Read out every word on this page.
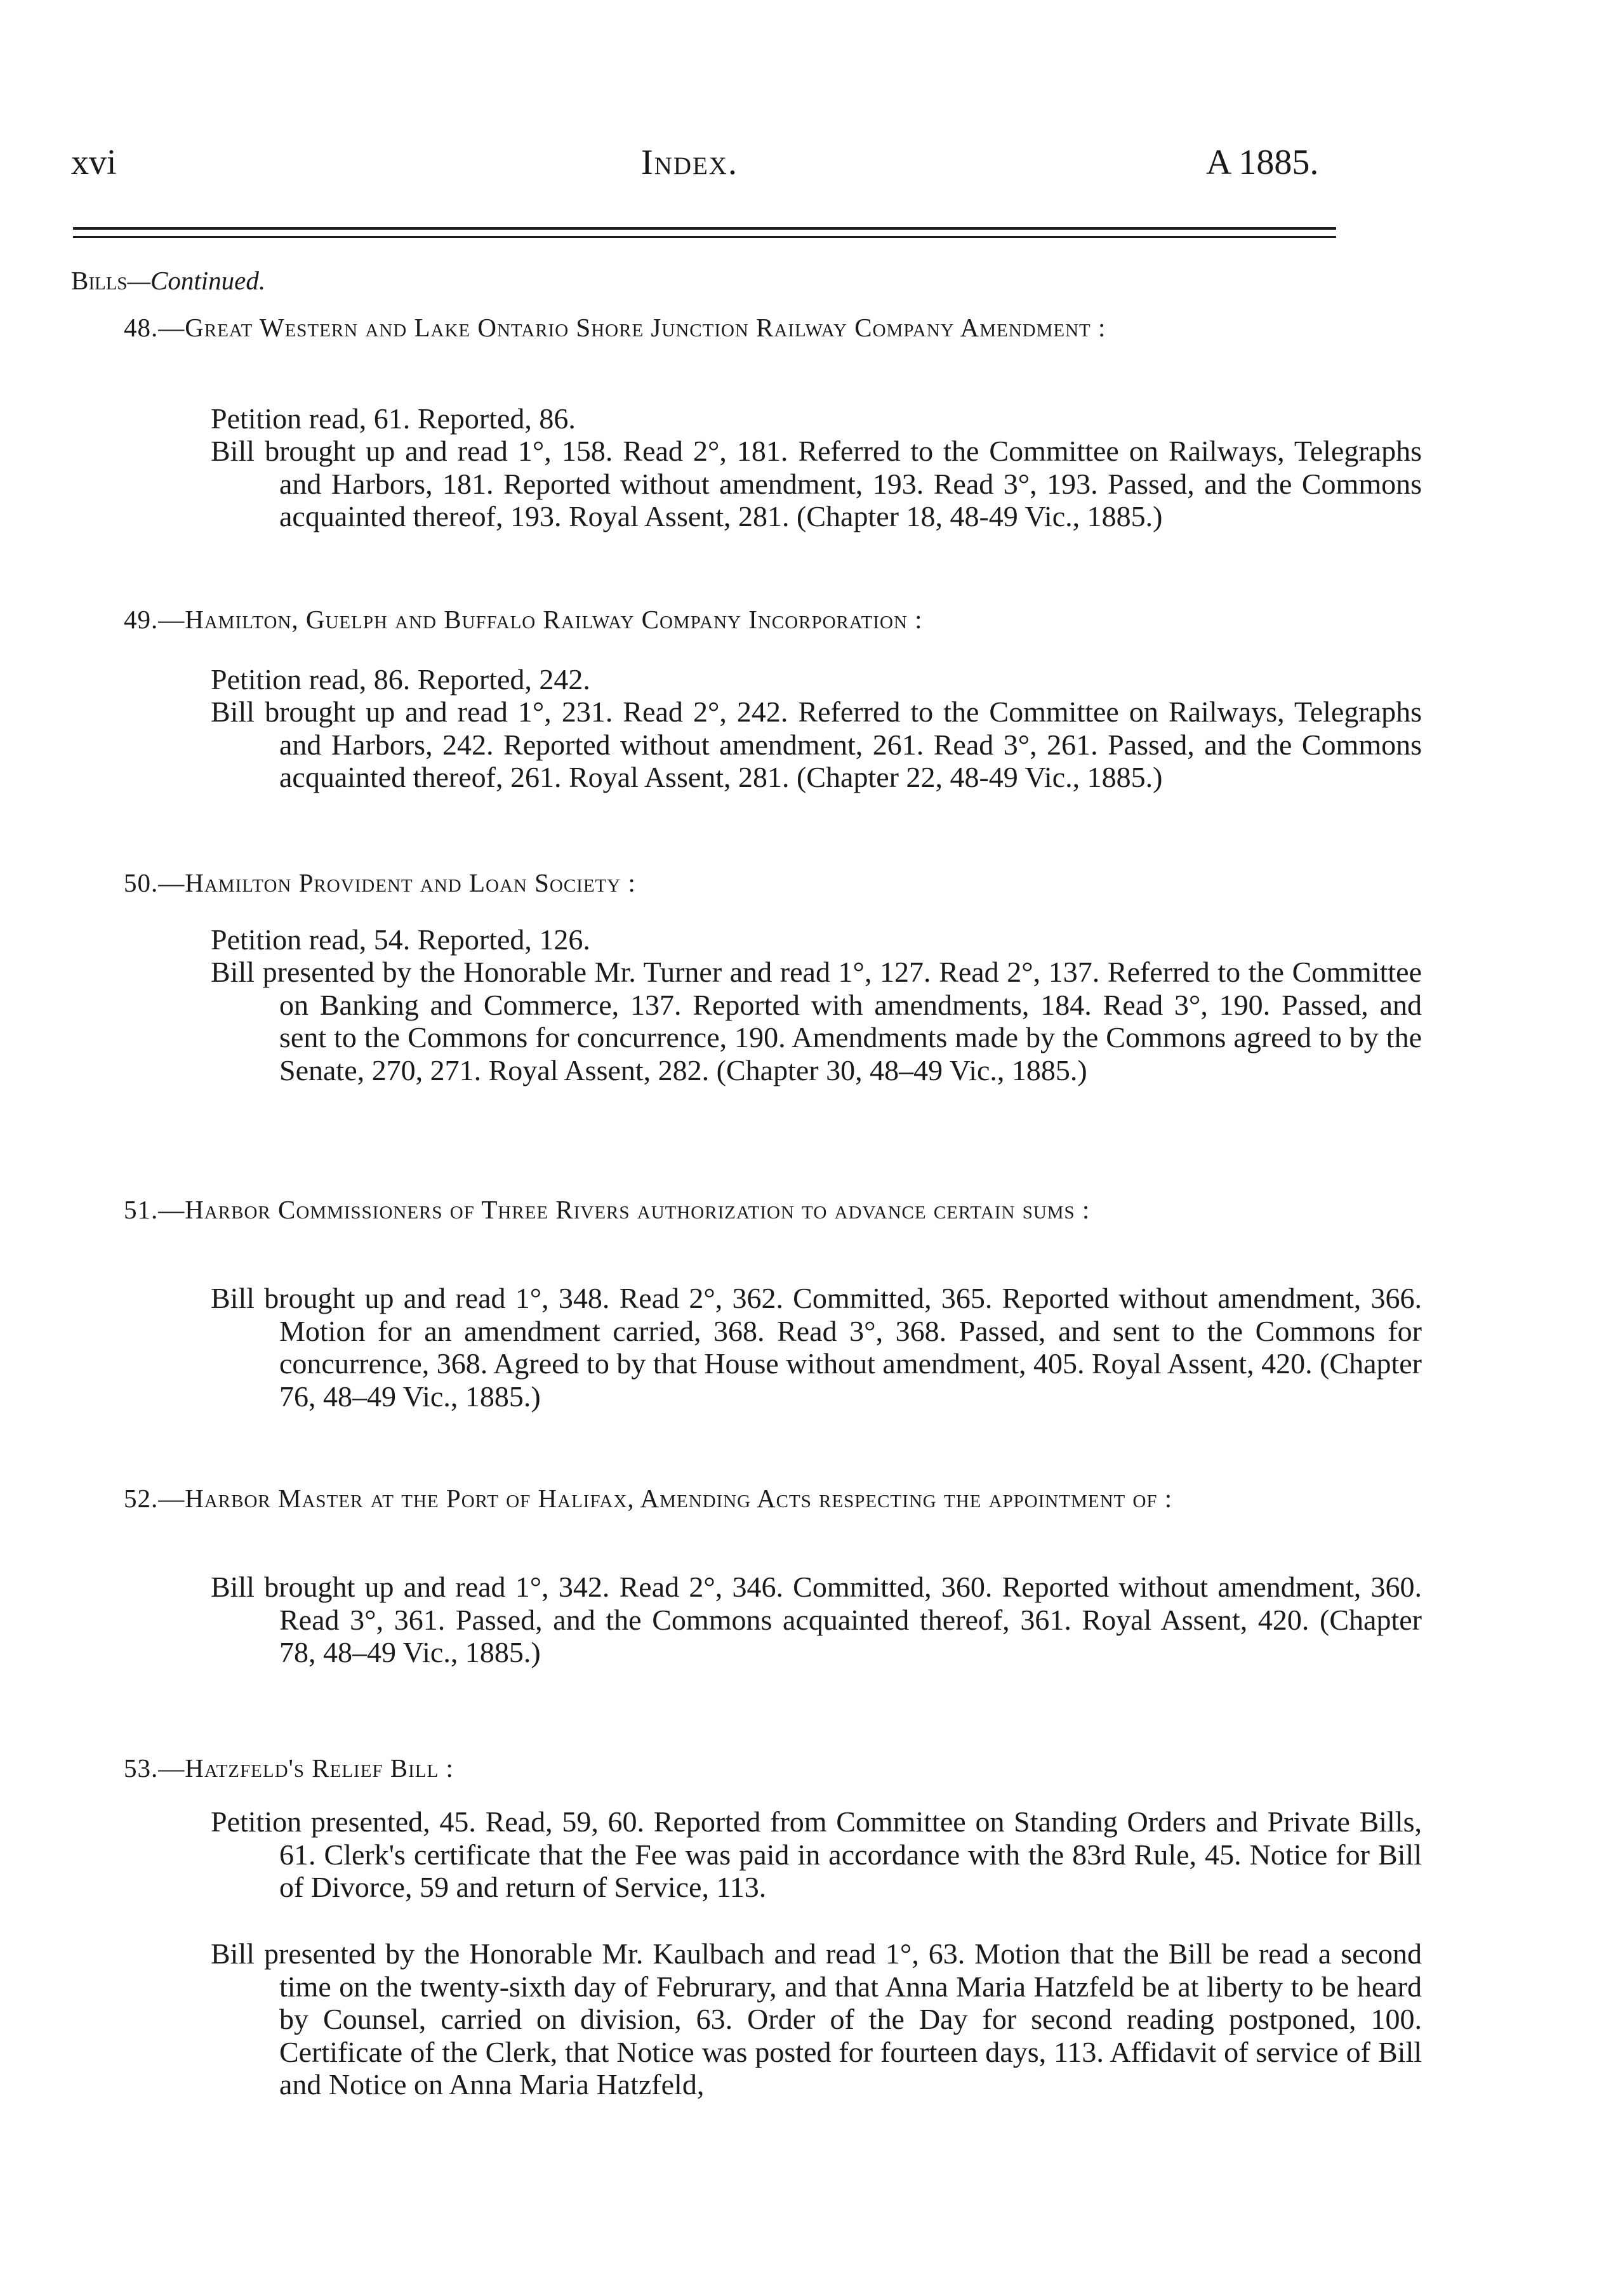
xvi	Index.	A 1885.
Bills—Continued.
48.—Great Western and Lake Ontario Shore Junction Railway Company Amendment :
Petition read, 61. Reported, 86.
Bill brought up and read 1°, 158. Read 2°, 181. Referred to the Committee on Railways, Telegraphs and Harbors, 181. Reported without amendment, 193. Read 3°, 193. Passed, and the Commons acquainted thereof, 193. Royal Assent, 281. (Chapter 18, 48-49 Vic., 1885.)
49.—Hamilton, Guelph and Buffalo Railway Company Incorporation :
Petition read, 86. Reported, 242.
Bill brought up and read 1°, 231. Read 2°, 242. Referred to the Committee on Railways, Telegraphs and Harbors, 242. Reported without amendment, 261. Read 3°, 261. Passed, and the Commons acquainted thereof, 261. Royal Assent, 281. (Chapter 22, 48-49 Vic., 1885.)
50.—Hamilton Provident and Loan Society :
Petition read, 54. Reported, 126.
Bill presented by the Honorable Mr. Turner and read 1°, 127. Read 2°, 137. Referred to the Committee on Banking and Commerce, 137. Reported with amendments, 184. Read 3°, 190. Passed, and sent to the Commons for concurrence, 190. Amendments made by the Commons agreed to by the Senate, 270, 271. Royal Assent, 282. (Chapter 30, 48–49 Vic., 1885.)
51.—Harbor Commissioners of Three Rivers authorization to advance certain sums :
Bill brought up and read 1°, 348. Read 2°, 362. Committed, 365. Reported without amendment, 366. Motion for an amendment carried, 368. Read 3°, 368. Passed, and sent to the Commons for concurrence, 368. Agreed to by that House without amendment, 405. Royal Assent, 420. (Chapter 76, 48–49 Vic., 1885.)
52.—Harbor Master at the Port of Halifax, Amending Acts respecting the appointment of :
Bill brought up and read 1°, 342. Read 2°, 346. Committed, 360. Reported without amendment, 360. Read 3°, 361. Passed, and the Commons acquainted thereof, 361. Royal Assent, 420. (Chapter 78, 48–49 Vic., 1885.)
53.—Hatzfeld's Relief Bill :
Petition presented, 45. Read, 59, 60. Reported from Committee on Standing Orders and Private Bills, 61. Clerk's certificate that the Fee was paid in accordance with the 83rd Rule, 45. Notice for Bill of Divorce, 59 and return of Service, 113.
Bill presented by the Honorable Mr. Kaulbach and read 1°, 63. Motion that the Bill be read a second time on the twenty-sixth day of Februrary, and that Anna Maria Hatzfeld be at liberty to be heard by Counsel, carried on division, 63. Order of the Day for second reading postponed, 100. Certificate of the Clerk, that Notice was posted for fourteen days, 113. Affidavit of service of Bill and Notice on Anna Maria Hatzfeld,
